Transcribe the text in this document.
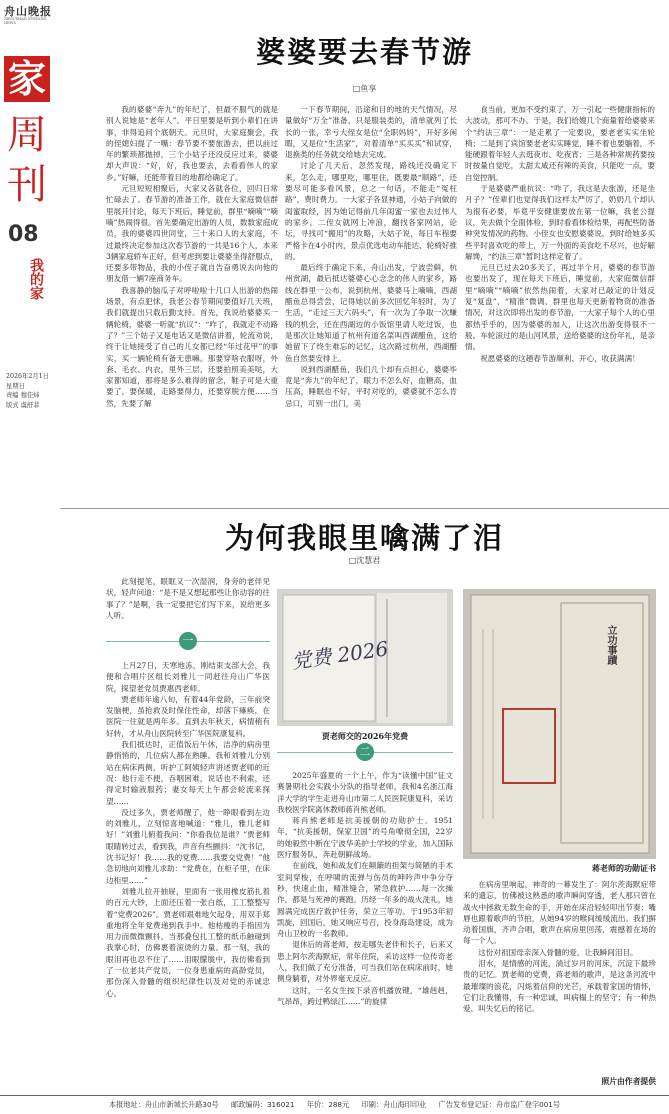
舟山晚报
ZHOUSHAN EVENING NEWS
家
周刊
08
我的家
2026年2月1日
星期日
责编 穆佳炜
版式 虞舒菲
婆婆要去春节游
□鱼享

我的婆婆“奔九”的年纪了，但最不服气的就是别人说她是“老年人”。平日里要是听到小辈们在讲事，非得追问个底朝天。元旦时，大家庭聚会，我的侄媳妇提了一嘴：春节要不要旅游去，把以前过年的繁琐都抛掉，三个小姑子还没反应过来，婆婆却大声说：“好，好，我也要去，去看看伟人的家乡。”好嘛，还能带着目的地都给确定了。

元旦短短相聚后，大家又各就各位，回归日常忙碌去了。春节游的准备工作，就在大家庭微信群里展开讨论，每天下班后，睡觉前，群里“嘀嘀”“嘀嘀”热闹得很。首先要确定出游的人员，数数家庭成员，我的婆婆四世同堂，三十来口人的大家庭，不过最终决定参加这次春节游的一共是16个人，本来3辆家庭轿车正好，但考虑到要让婆婆坐得舒服点，还要多带物品，我的小侄子就自告奋勇说去向他的朋友借一辆7座商务车。

我喜静的脑瓜子对呼啦啦十几口人出游的热闹场景，有点犯怵，我老公春节期间要值好几天班，我们就提出只载后勤支持。首先，我说给婆婆买一辆轮椅，婆婆一听就“抗议”：“咋了，我就走不动路了？”三个姑子又是电话又是微信讲着，轮流劝说，终于让她接受了自己的儿女都已经“年过花甲”的事实，买一辆轮椅有备无患嘛。那要穿啥衣服呀，外套、毛衣、内衣，里外三层，还要拍照美美哒，大家都知道，那将是多么难得的留念，鞋子可是大重要了，要保暖，走路要得力，还要穿脱方便……当然，先要了解

一下春节期间，沿途和目的地的天气情况，尽量做好“万全”准备，只是服装类的，清单就列了长长的一张，幸亏大侄女是位“全职妈妈”，开好多闲暇，又是位“生活家”，对着清单“买买买”和试穿，退换类的任务就交给她去完成。

讨论了几天后，忽然发现，路线还没确定下来，怎么走，哪里吃，哪里住，既要最“顺路”，还要尽可能多看风景，总之一句话，不能走“冤枉路”，费时费力。一大家子各显神通，小姑子向做的闺蜜取经，因为她记得前几年闺蜜一家也去过伟人的家乡，二侄女就网上冲浪，翻找各家网站，论坛，寻找可“搬用”的攻略，大姑子说，每日车程要严格卡在4小时内，景点优选电动车能达、轮椅好推的。

最后终于确定下来，舟山出发，宁波尝鲜，杭州赏湖，最后抵达婆婆心心念念的伟人的家乡，路线在群里一公布，说到杭州，婆婆马上嘀嘀，西湖醋鱼总得尝尝，记得她以前多次回忆年轻时，为了生活，“走过三天六码头”，有一次为了争取一次赚钱的机会，还在西湖边的小饭馆里请人吃过饭，也是那次让她知道了杭州有道名菜叫西湖醋鱼，这给她留下了终生难忘的记忆，这次路过杭州，西湖醋鱼自然要安排上。

说到西湖醋鱼，我们几个却有点担心，婆婆毕竟是“奔九”的年纪了，眼力不怎么好，血糖高，血压高，睡眠也不好，平时对吃的，婆婆就不怎么肯忌口，可别一出门，美

食当前，更加不受约束了，万一引起一些健康指标的大波动，那可不办。于是，我们给嫂几个商量着给婆婆来个“约法三章”：一是走累了一定要说，要老老实实坐轮椅；二是到了宾馆要老老实实睡觉，睡不着也要躺着，不能硬跟着年轻人去逛夜市、吃夜宵；三是各种常规药要按时按量自觉吃，太甜太咸还有辣的美食，只能吃一点，要自觉控制。

于是婆婆严重抗议：“咋了，我这是去旅游，还是坐月子？”侄辈们也觉得我们这样太严厉了，奶奶几个却认为很有必要，毕竟平安健康要放在第一位嘛，我老公提议，先去做个全面体检，到时看看体检结果，再配些防备种突发情况的药物。小侄女也安慰婆婆说，到时给她多买些平时喜欢吃的带上，万一外面的美食吃不尽兴，也好解解馋，“约法三章”暂时这样定着了。

元旦已过去20多天了，再过半个月，婆婆的春节游也要出发了，现在每天下班后，睡觉前，大家庭微信群里“嘀嘀”“嘀嘀”依然热闹着，大家对已敲定的计划反复“复盘”，“精准”微调，群里也每天更新着物资的准备情况，对这次即将出发的春节游，一大家子每个人的心里都热乎乎的，因为婆婆的加入，让这次出游变得很不一般。车轮滚过的是山河风景，送给婆婆的这份年礼，是亲情。

祝愿婆婆的这趟春节游顺利、开心，收获满满！

为何我眼里噙满了泪
□沈慧君

此刻提笔，眼眶又一次湿润，身旁的老伴见状，轻声问道：“是不是又想起那些让你动容的往事了？”是啊，我一定要把它们写下来，说给更多人听。

一

上月27日，天寒地冻，刚结束支部大会，我便和合唱片区组长刘雅儿一同赶往舟山广华医院，探望老党员贾惠西老师。

贾老师年逾八旬，有着44年党龄，三年前突发脑梗，虽抢救及时保住性命，却落下瘫痪，在医院一住就是两年多。直到去年秋天，病情稍有好转，才从舟山医院转至广华医院康复科。

我们抵达时，正值饭后午休，洁净的病房里静悄悄的，几位病人都在熟睡。我和刘雅儿分别站在病床两侧，听护工阿姨轻声讲述贾老师的近况：他行走不便，吞咽困难，说话也不利索，还得定时输液服药；妻女每天上午都会轮流来探望……

没过多久，贾老师醒了，他一睁眼看到左边的刘雅儿，立刻惊喜地喊道：“雅儿，雅儿老师好！”刘雅儿俯着我问：“你看我位是谁？”贾老师眼睛转过去，看到我，声音有些颤抖：“沈书记，沈书记好！我……我的党费……我要交党费！”他急切地向刘雅儿求助：“党费在，在柜子里，在床边柜里……”

刘雅儿拉开抽屉，里面有一张用橡皮筋扎着的百元大钞，上面还压着一张白纸，工工整整写着“党费2026”。贾老师艰难地欠起身，用双手郑重地将全年党费递到我手中。他枯瘦的手指因为用力而微微颤抖，当那叠包扎工整的纸币触碰到我掌心时，仿佛裹着滚烫的力量。那一刻，我的眼泪再也忍不住了……泪眼朦胧中，我仿佛看到了一位老共产党员，一位身患重病的高龄党员，那份深入骨髓的组织纪律性以及对党的赤诚忠心。

党费 2026
贾老师交的2026年党费
二

2025年盛夏的一个上午，作为“读懂中国”征文赛暑期社会实践小分队的指导老师，我和4名浙江海洋大学的学生走进舟山市第二人民医院康复科，采访我校医学院离休教师蒋肖熊老师。

蒋肖熊老师是抗美援朝的功勋护士。1951年，“抗美援朝，保家卫国”的号角嘹彻全国，22岁的她毅然中断在宁波华美护士学校的学业，加入国际医疗服务队，奔赴朝鲜战场。

在前线，她和战友们在颠簸的担架与简陋的手术室间穿梭，在呼啸的流弹与伤员的呻吟声中争分夺秒，快速止血，精准缝合，紧急救护……每一次操作，都是与死神的赛跑。历经一年多的战火洗礼，她圆满完成医疗救护任务，荣立三等功。于1953年初凯旋，回国后，她又响应号召，投身海岛建设，成为舟山卫校的一名教师。

退休后的蒋老师，按走哪失老伴和长子，后来又患上阿尔茨海默症，常年住院，采访这样一位传奇老人，我们做了充分准备，可当我们站在病床前时，她侧身躺着，对外界毫无反应。

这时，一名女生按下录音机播放键，“雄赳赳，气昂昂，跨过鸭绿江……”的旋律

立功事蹟
蒋老师的功勋证书

在病房里响起，神奇的一幕发生了：阿尔茨海默症带来的遗忘，仿佛被这熟悉的歌声瞬间穿透，老人那只曾在战火中拯救无数生命的手，开始在床沿轻轻叩出节奏；嘴唇也跟着歌声的节拍，从她94岁的喉间缓缓流出。我们摒动着国旗，齐声合唱，歌声在病房里回荡，震撼着在场的每一个人。

这份对祖国母亲深入骨髓的爱，让我瞬间泪目。

泪水，是情感的河流，淌过岁月的河床，沉淀下最珍贵的记忆。贾老师的党费，蒋老师的歌声，是这条河流中最璀璨的浪花，闪烁着信仰的光芒，承载着家国的情怀，它们让我懂得，有一种忠诚，叫病榻上的坚守；有一种热爱，叫失忆后的铭记。

照片由作者提供
本报地址：舟山市新城长升路30号 邮政编码：316021 年价：288元 印刷：舟山海印印业 广告发布登记证：舟市监广登字001号
